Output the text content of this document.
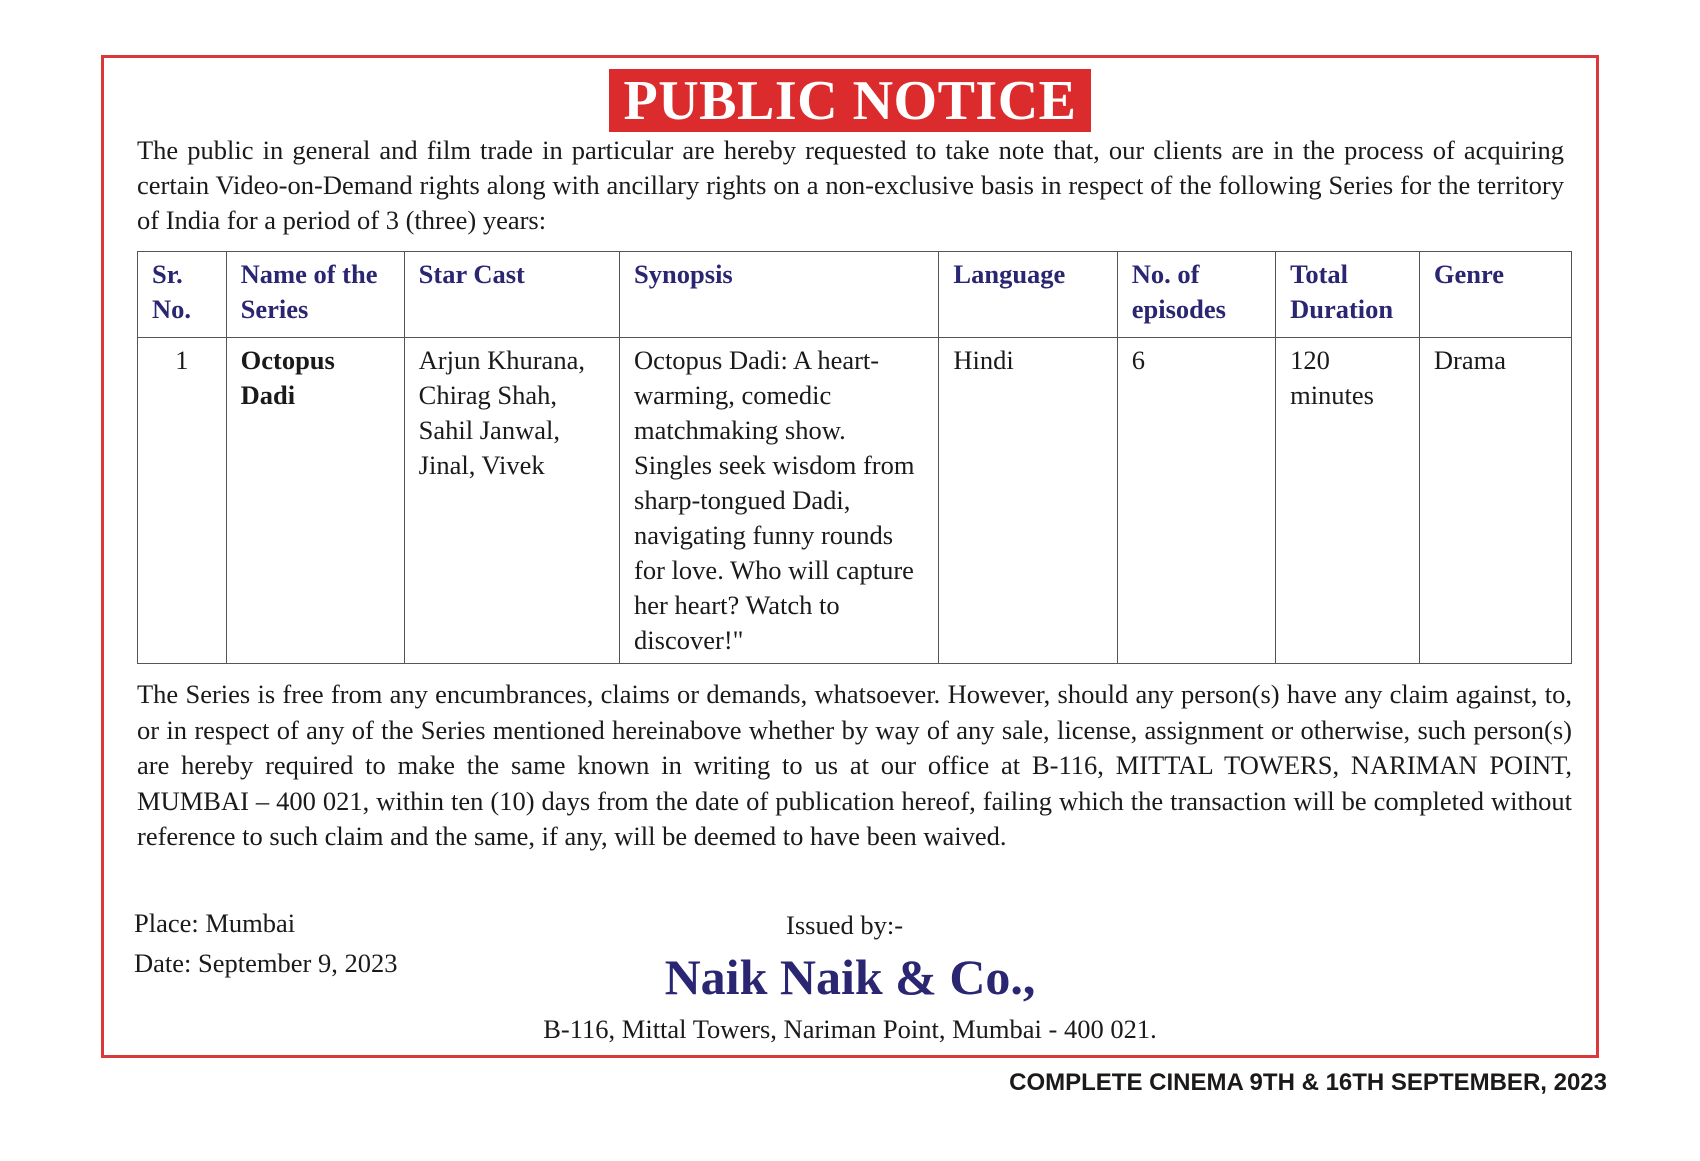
PUBLIC NOTICE

The public in general and film trade in particular are hereby requested to take note that, our clients are in the process of acquiring certain Video-on-Demand rights along with ancillary rights on a non-exclusive basis in respect of the following Series for the territory of India for a period of 3 (three) years:

Sr. No.	Name of the Series	Star Cast	Synopsis	Language	No. of episodes	Total Duration	Genre
1	Octopus Dadi	Arjun Khurana, Chirag Shah, Sahil Janwal, Jinal, Vivek	Octopus Dadi: A heart-warming, comedic matchmaking show. Singles seek wisdom from sharp-tongued Dadi, navigating funny rounds for love. Who will capture her heart? Watch to discover!"	Hindi	6	120 minutes	Drama

The Series is free from any encumbrances, claims or demands, whatsoever. However, should any person(s) have any claim against, to, or in respect of any of the Series mentioned hereinabove whether by way of any sale, license, assignment or otherwise, such person(s) are hereby required to make the same known in writing to us at our office at B-116, MITTAL TOWERS, NARIMAN POINT, MUMBAI – 400 021, within ten (10) days from the date of publication hereof, failing which the transaction will be completed without reference to such claim and the same, if any, will be deemed to have been waived.

Place: Mumbai
Date: September 9, 2023
Issued by:-
Naik Naik & Co.,
B-116, Mittal Towers, Nariman Point, Mumbai - 400 021.
COMPLETE CINEMA 9TH & 16TH SEPTEMBER, 2023
